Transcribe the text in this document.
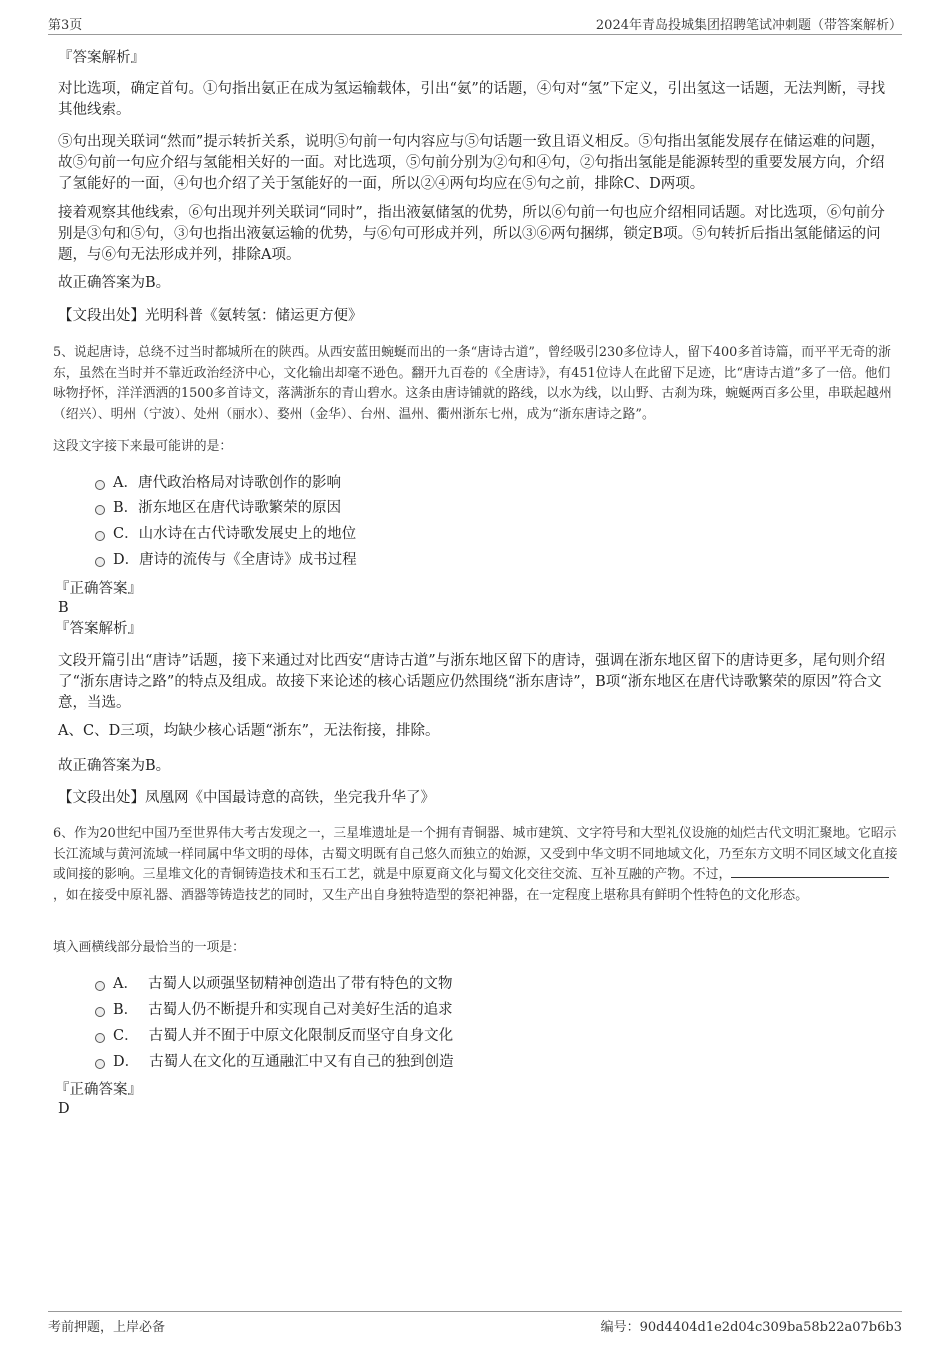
第3页	2024年青岛投城集团招聘笔试冲刺题（带答案解析）
『答案解析』
对比选项，确定首句。①句指出氨正在成为氢运输载体，引出“氨”的话题，④句对“氢”下定义，引出氢这一话题，无法判断，寻找其他线索。
⑤句出现关联词“然而”提示转折关系，说明⑤句前一句内容应与⑤句话题一致且语义相反。⑤句指出氢能发展存在储运难的问题，故⑤句前一句应介绍与氢能相关好的一面。对比选项，⑤句前分别为②句和④句，②句指出氢能是能源转型的重要发展方向，介绍了氢能好的一面，④句也介绍了关于氢能好的一面，所以②④两句均应在⑤句之前，排除C、D两项。
接着观察其他线索，⑥句出现并列关联词“同时”，指出液氨储氢的优势，所以⑥句前一句也应介绍相同话题。对比选项，⑥句前分别是③句和⑤句，③句也指出液氨运输的优势，与⑥句可形成并列，所以③⑥两句捆绑，锁定B项。⑤句转折后指出氢能储运的问题，与⑥句无法形成并列，排除A项。
故正确答案为B。
【文段出处】光明科普《氨转氢：储运更方便》
5、说起唐诗，总绕不过当时都城所在的陕西。从西安蓝田蜿蜒而出的一条“唐诗古道”，曾经吸引230多位诗人，留下400多首诗篇，而平平无奇的浙东，虽然在当时并不靠近政治经济中心，文化输出却毫不逊色。翻开九百卷的《全唐诗》，有451位诗人在此留下足迹，比“唐诗古道”多了一倍。他们咏物抒怀，洋洋洒洒的1500多首诗文，落满浙东的青山碧水。这条由唐诗铺就的路线，以水为线，以山野、古刹为珠，蜿蜒两百多公里，串联起越州（绍兴）、明州（宁波）、处州（丽水）、婺州（金华）、台州、温州、衢州浙东七州，成为“浙东唐诗之路”。
这段文字接下来最可能讲的是：
A．唐代政治格局对诗歌创作的影响
B．浙东地区在唐代诗歌繁荣的原因
C．山水诗在古代诗歌发展史上的地位
D．唐诗的流传与《全唐诗》成书过程
『正确答案』
B
『答案解析』
文段开篇引出“唐诗”话题，接下来通过对比西安“唐诗古道”与浙东地区留下的唐诗，强调在浙东地区留下的唐诗更多，尾句则介绍了“浙东唐诗之路”的特点及组成。故接下来论述的核心话题应仍然围绕“浙东唐诗”，B项“浙东地区在唐代诗歌繁荣的原因”符合文意，当选。
A、C、D三项，均缺少核心话题“浙东”，无法衔接，排除。
故正确答案为B。
【文段出处】凤凰网《中国最诗意的高铁，坐完我升华了》
6、作为20世纪中国乃至世界伟大考古发现之一，三星堆遗址是一个拥有青铜器、城市建筑、文字符号和大型礼仪设施的灿烂古代文明汇聚地。它昭示长江流域与黄河流域一样同属中华文明的母体，古蜀文明既有自己悠久而独立的始源，又受到中华文明不同地域文化，乃至东方文明不同区域文化直接或间接的影响。三星堆文化的青铜铸造技术和玉石工艺，就是中原夏商文化与蜀文化交往交流、互补互融的产物。不过，，如在接受中原礼器、酒器等铸造技艺的同时，又生产出自身独特造型的祭祀神器，在一定程度上堪称具有鲜明个性特色的文化形态。
填入画横线部分最恰当的一项是：
A． 古蜀人以顽强坚韧精神创造出了带有特色的文物
B． 古蜀人仍不断提升和实现自己对美好生活的追求
C． 古蜀人并不囿于中原文化限制反而坚守自身文化
D． 古蜀人在文化的互通融汇中又有自己的独到创造
『正确答案』
D
考前押题，上岸必备	编号：90d4404d1e2d04c309ba58b22a07b6b3
